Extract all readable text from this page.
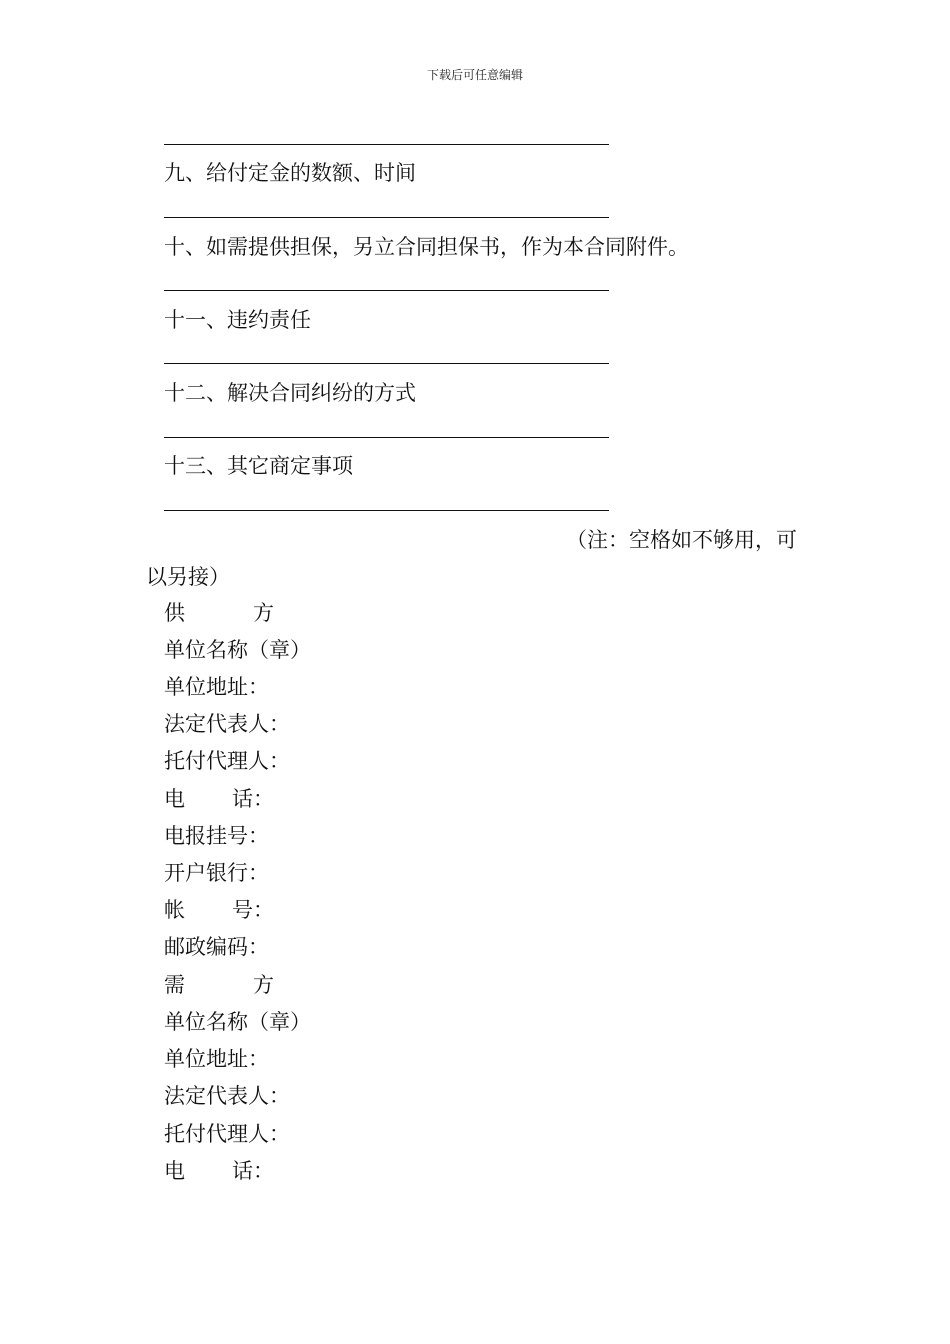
下载后可任意编辑
九、给付定金的数额、时间
十、如需提供担保，另立合同担保书，作为本合同附件。
十一、违约责任
十二、解决合同纠纷的方式
十三、其它商定事项
（注：空格如不够用，可
以另接）
供	方
单位名称（章）
单位地址：
法定代表人：
托付代理人：
电 话：
电报挂号：
开户银行：
帐 号：
邮政编码：
需	方
单位名称（章）
单位地址：
法定代表人：
托付代理人：
电 话：
